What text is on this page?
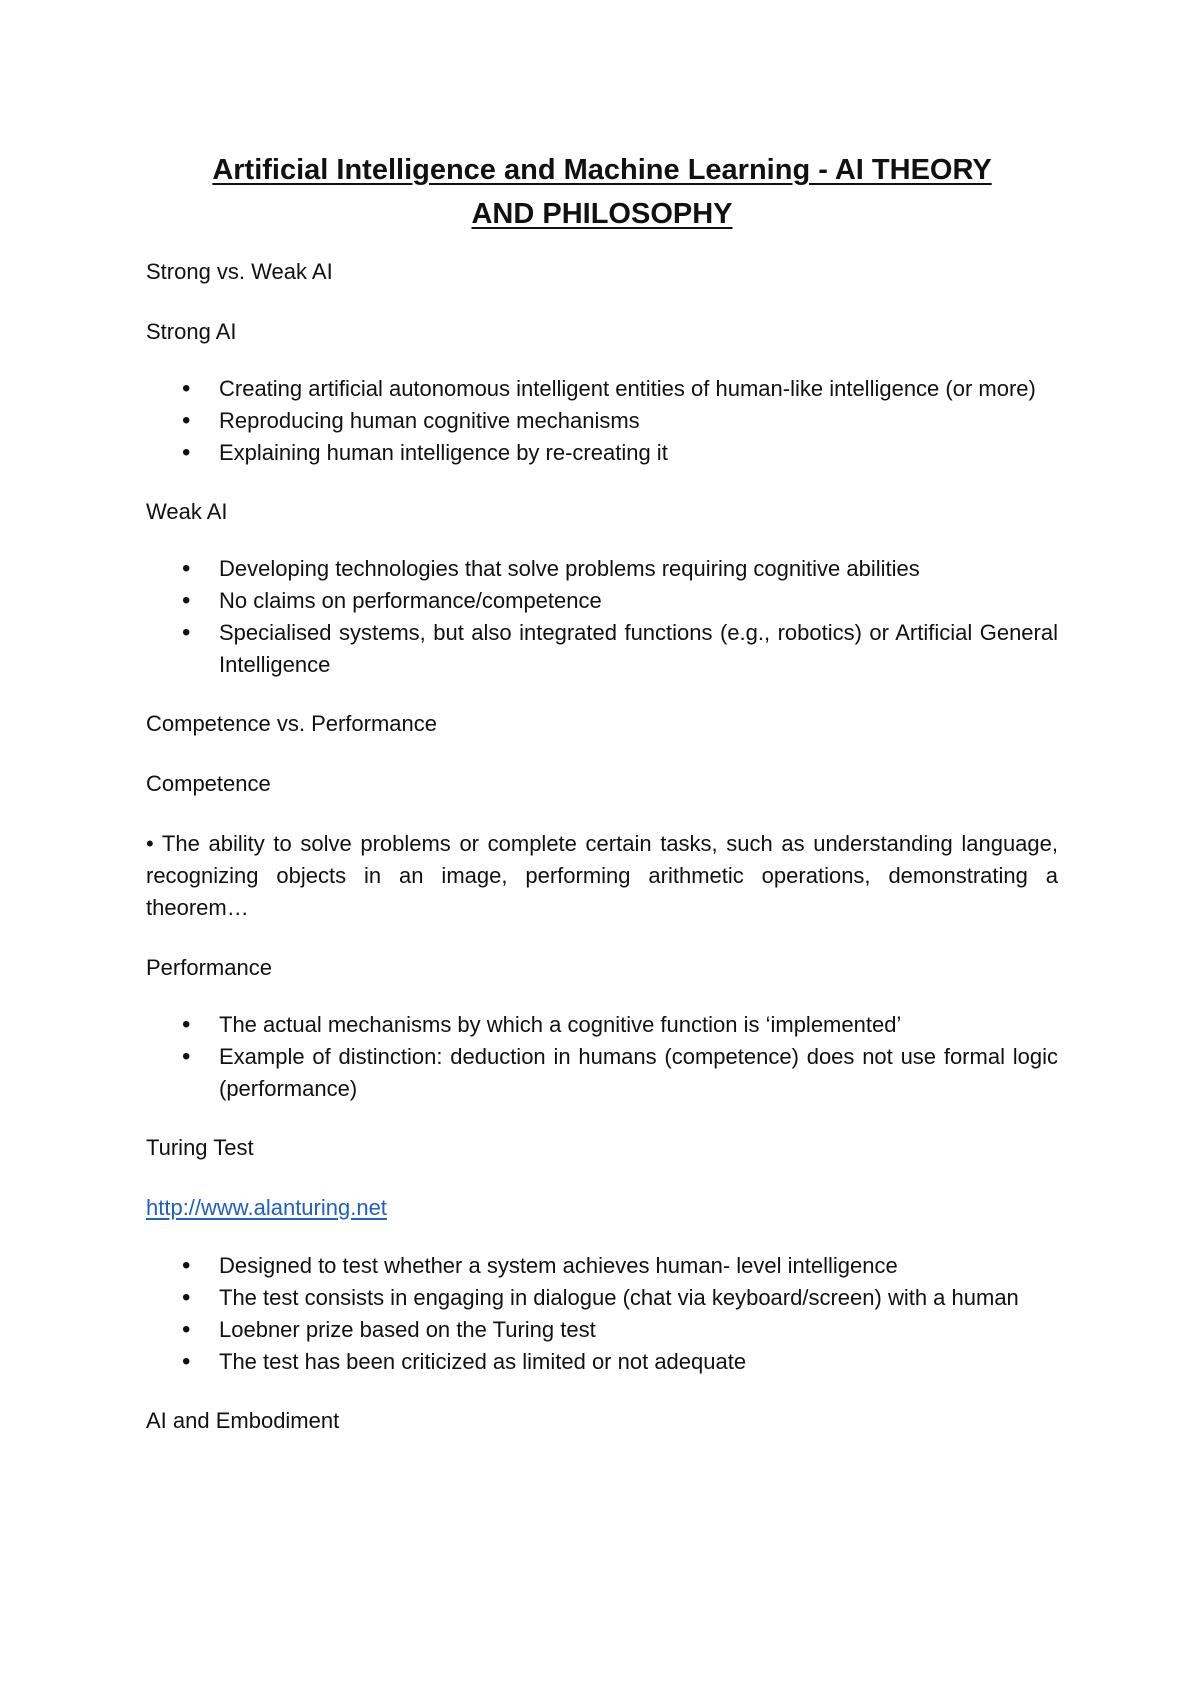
Artificial Intelligence and Machine Learning - AI THEORY
AND PHILOSOPHY

Strong vs. Weak AI

Strong AI

• Creating artificial autonomous intelligent entities of human-like intelligence (or more)
• Reproducing human cognitive mechanisms
• Explaining human intelligence by re-creating it

Weak AI

• Developing technologies that solve problems requiring cognitive abilities
• No claims on performance/competence
• Specialised systems, but also integrated functions (e.g., robotics) or Artificial General Intelligence

Competence vs. Performance

Competence

• The ability to solve problems or complete certain tasks, such as understanding language, recognizing objects in an image, performing arithmetic operations, demonstrating a theorem…

Performance

• The actual mechanisms by which a cognitive function is ‘implemented’
• Example of distinction: deduction in humans (competence) does not use formal logic (performance)

Turing Test

http://www.alanturing.net

• Designed to test whether a system achieves human- level intelligence
• The test consists in engaging in dialogue (chat via keyboard/screen) with a human
• Loebner prize based on the Turing test
• The test has been criticized as limited or not adequate

AI and Embodiment
